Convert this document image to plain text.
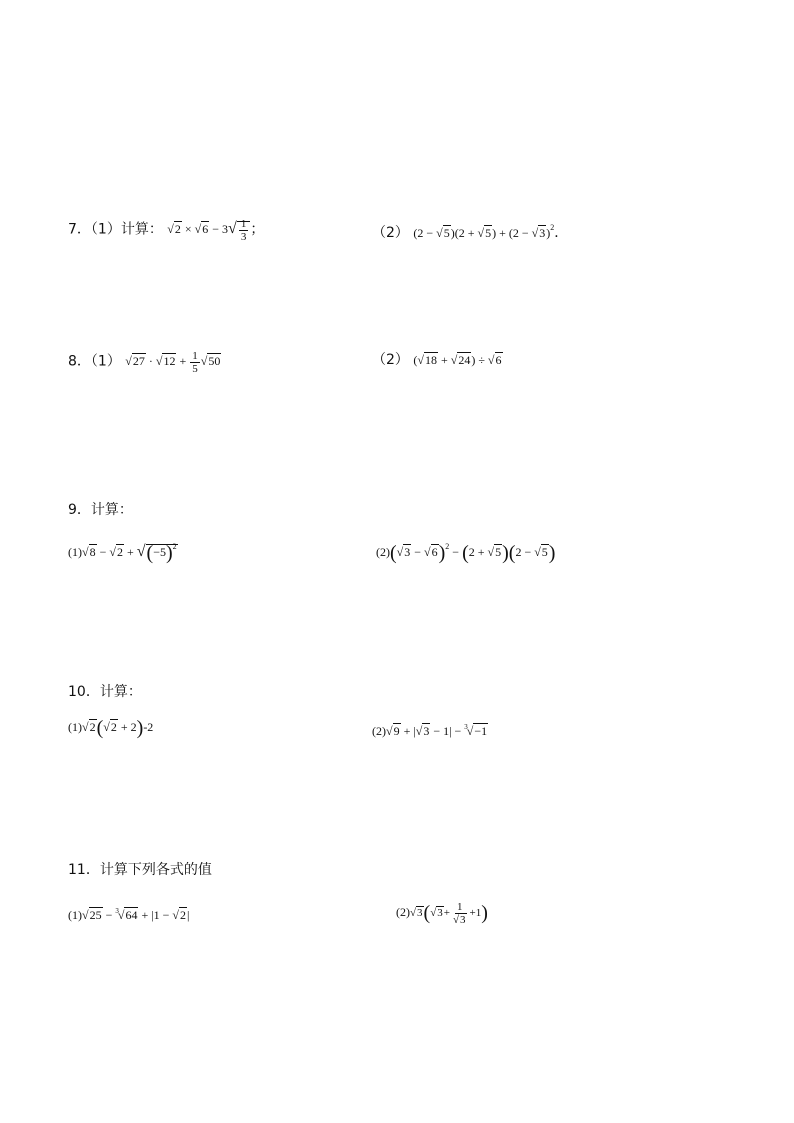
7．（1）计算： $√2 \times √6 - 3√ \frac{1}{3}$ ；	（2） $(2 - √5)(2 + √5) + (2 - √3)^2$．
8．（1） $√27 \cdot √12 + \frac{1}{5} √50$	（2） (√18 + √24) ÷ √6
9．计算：
$(1)√8 - √2 + √(-5)^2$	$(2)(√3 - √6)^2 - (2 + √5)(2 - √5)$
10．计算：
(1)√2(√2 + 2)-2	(2)√9 + |√3 − 1| − $^3$√−1
11．计算下列各式的值
(1)√25 − $^3$√64 + |1 − √2|	$(2)√3(√3+ \frac{1}{√3} +1)$
